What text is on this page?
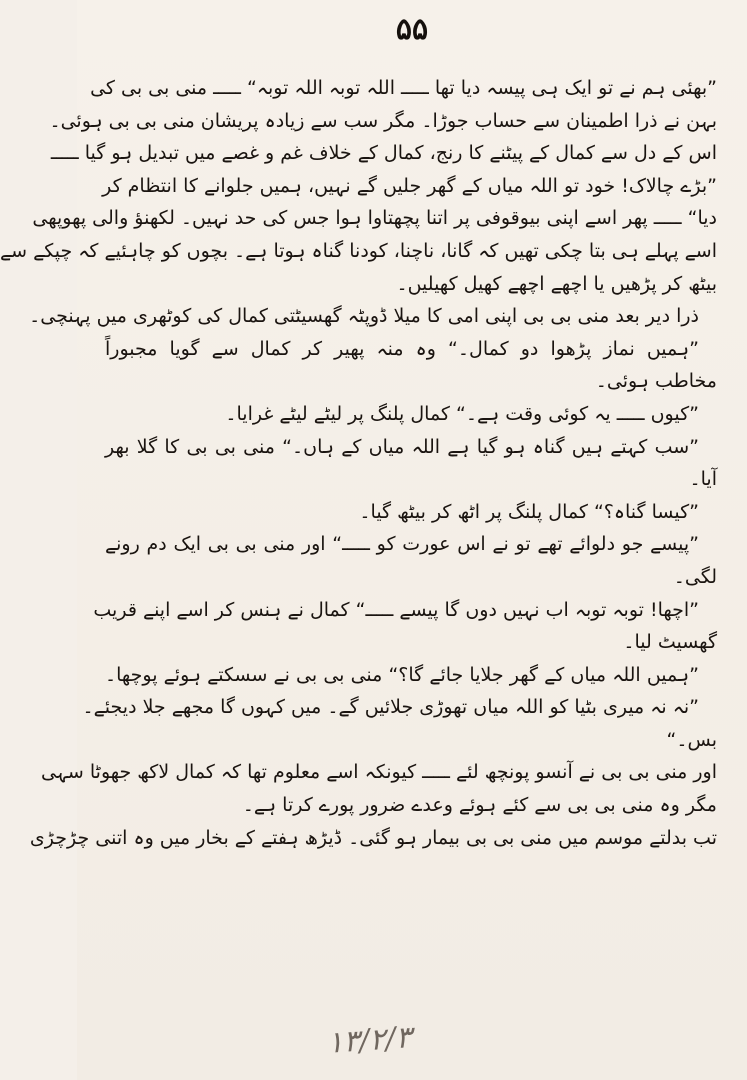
۵۵
”بھئی ہم نے تو ایک ہی پیسہ دیا تھا ـــــ اللہ توبہ اللہ توبہ“ ـــــ منی بی بی کی
بہن نے ذرا اطمینان سے حساب جوڑا۔ مگر سب سے زیادہ پریشان منی بی بی ہوئی۔
اس کے دل سے کمال کے پیٹنے کا رنج، کمال کے خلاف غم و غصے میں تبدیل ہو گیا ـــــ
”بڑے چالاک! خود تو اللہ میاں کے گھر جلیں گے نہیں، ہمیں جلوانے کا انتظام کر
دیا“ ـــــ پھر اسے اپنی بیوقوفی پر اتنا پچھتاوا ہوا جس کی حد نہیں۔ لکھنؤ والی پھوپھی
اسے پہلے ہی بتا چکی تھیں کہ گانا، ناچنا، کودنا گناہ ہوتا ہے۔ بچوں کو چاہئیے کہ چپکے سے
بیٹھ کر پڑھیں یا اچھے اچھے کھیل کھیلیں۔
ذرا دیر بعد منی بی بی اپنی امی کا میلا ڈوپٹہ گھسیٹتی کمال کی کوٹھری میں پہنچی۔
”ہمیں نماز پڑھوا دو کمال۔“ وہ منہ پھیر کر کمال سے گویا مجبوراً
مخاطب ہوئی۔
”کیوں ـــــ یہ کوئی وقت ہے۔“ کمال پلنگ پر لیٹے لیٹے غرایا۔
”سب کہتے ہیں گناہ ہو گیا ہے اللہ میاں کے ہاں۔“ منی بی بی کا گلا بھر
آیا۔
”کیسا گناہ؟“ کمال پلنگ پر اٹھ کر بیٹھ گیا۔
”پیسے جو دلوائے تھے تو نے اس عورت کو ـــــ“ اور منی بی بی ایک دم رونے
لگی۔
”اچھا! توبہ توبہ اب نہیں دوں گا پیسے ـــــ“ کمال نے ہنس کر اسے اپنے قریب
گھسیٹ لیا۔
”ہمیں اللہ میاں کے گھر جلایا جائے گا؟“ منی بی بی نے سسکتے ہوئے پوچھا۔
”نہ نہ میری بٹیا کو اللہ میاں تھوڑی جلائیں گے۔ میں کہوں گا مجھے جلا دیجئے۔
بس۔“
اور منی بی بی نے آنسو پونچھ لئے ـــــ کیونکہ اسے معلوم تھا کہ کمال لاکھ جھوٹا سہی
مگر وہ منی بی بی سے کئے ہوئے وعدے ضرور پورے کرتا ہے۔
تب بدلتے موسم میں منی بی بی بیمار ہو گئی۔ ڈیڑھ ہفتے کے بخار میں وہ اتنی چڑچڑی
۱۳/۲/۳
